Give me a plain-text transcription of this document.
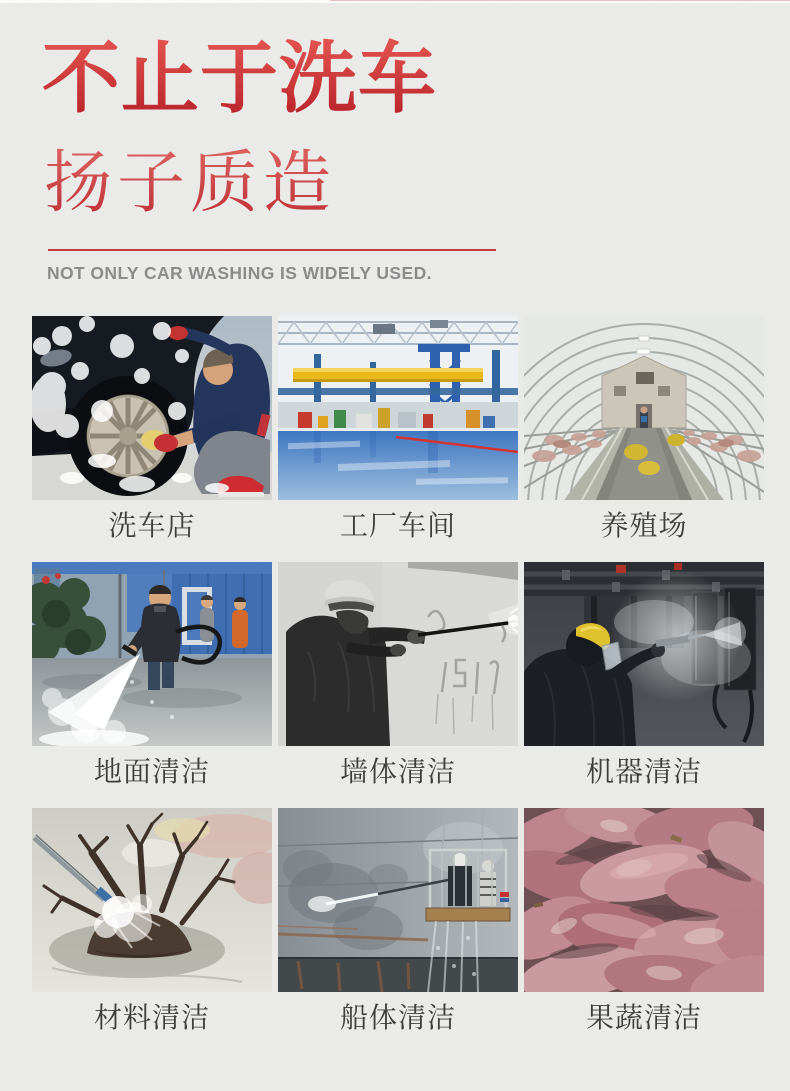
不止于洗车
扬子质造
NOT ONLY CAR WASHING IS WIDELY USED.
洗车店	工厂车间	养殖场
地面清洁	墙体清洁	机器清洁
材料清洁	船体清洁	果蔬清洁
